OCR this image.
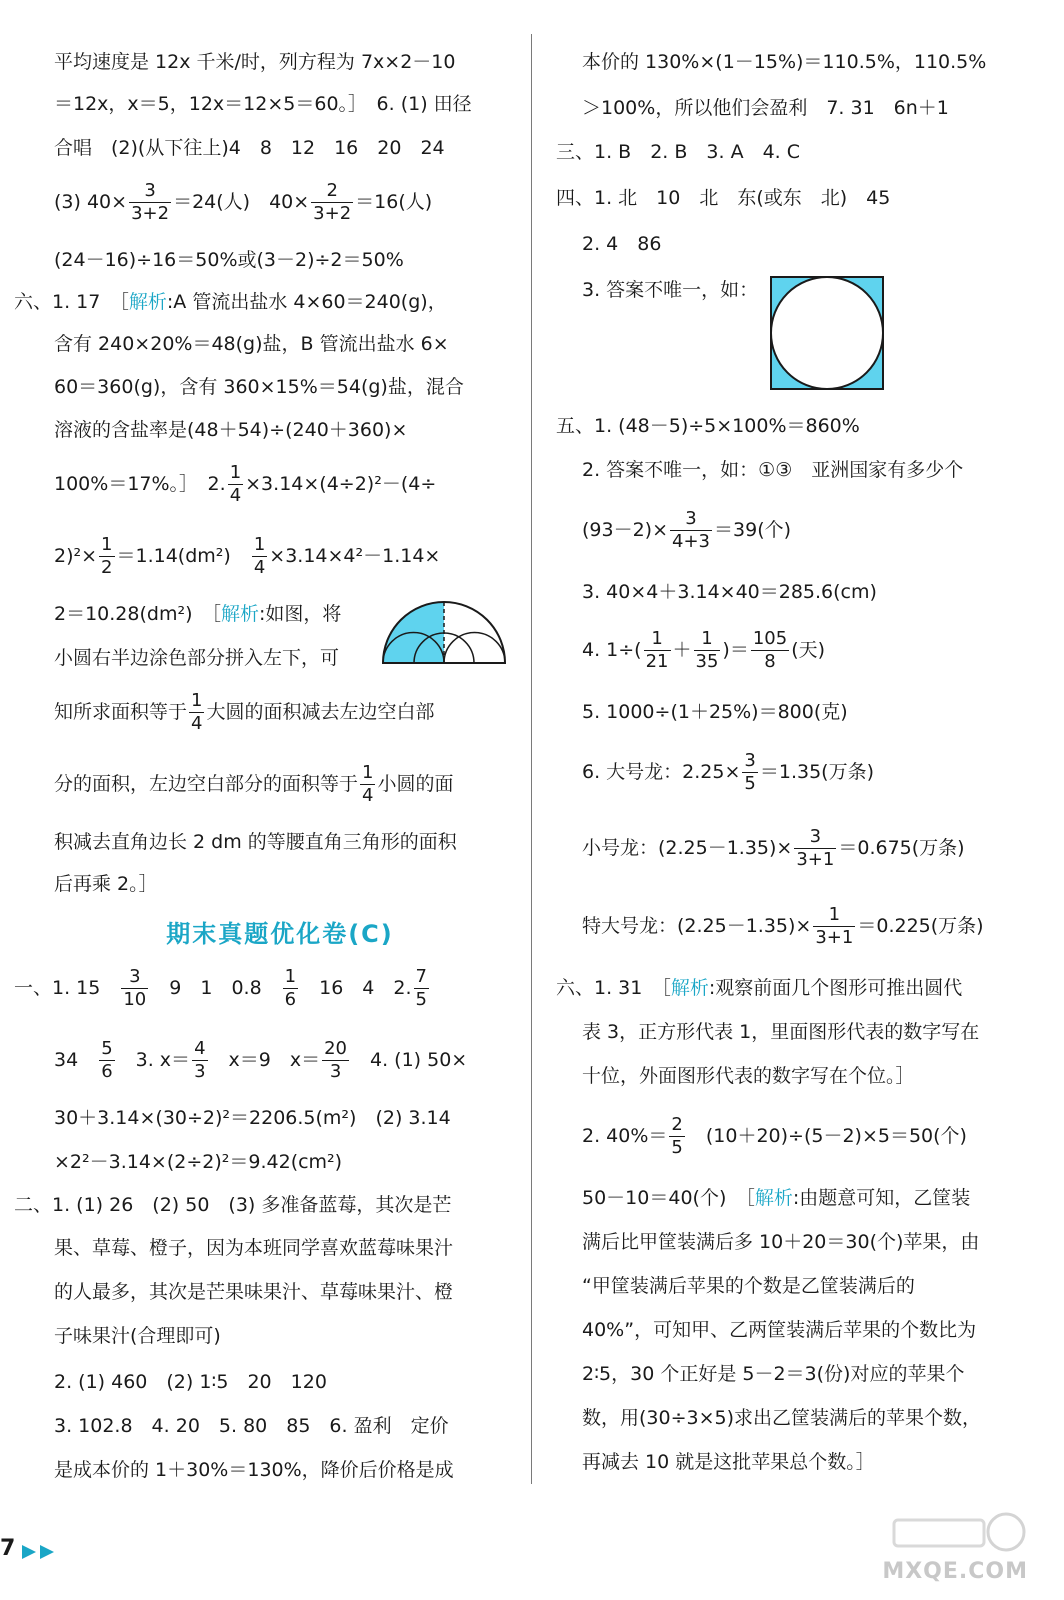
平均速度是 12x 千米/时，列方程为 7x×2－10
＝12x，x＝5，12x＝12×5＝60。］　6. (1) 田径
合唱　(2)(从下往上)4　8　12　16　20　24
(3) $40\times \frac{3}{3+2} =24$(人)　$40\times \frac{2}{3+2} =16$(人)
(24－16)÷16＝50%或(3－2)÷2＝50%
六、1. 17　［解析:A 管流出盐水 4×60＝240(g)，
含有 240×20%＝48(g)盐，B 管流出盐水 6×
60＝360(g)，含有 360×15%＝54(g)盐，混合
溶液的含盐率是(48＋54)÷(240＋360)×
100%＝17%。］　2. $\frac{1}{4} \times 3.14\times(4\div 2)^2-(4\div$
$2)^2\times \frac{1}{2} =1.14(dm^2)$　 $\frac{1}{4} \times 3.14\times 4^2-1.14\times$
2＝10.28(dm²)　［解析:如图，将
小圆右半边涂色部分拼入左下，可
知所求面积等于 $\frac{1}{4}$ 大圆的面积减去左边空白部
分的面积，左边空白部分的面积等于 $\frac{1}{4}$ 小圆的面
积减去直角边长 2 dm 的等腰直角三角形的面积
后再乘 2。］
期末真题优化卷(C)
一、1. 15　 $\frac{3}{10}$ 　9　1　0.8　 $\frac{1}{6}$ 　16　4　2. $\frac{7}{5}$
34　 $\frac{5}{6}$ 　3. $x= \frac{4}{3}$ 　x＝9　$x= \frac{20}{3}$ 　4. (1) 50×
30＋3.14×(30÷2)²＝2206.5(m²)　(2) 3.14
×2²－3.14×(2÷2)²＝9.42(cm²)
二、1. (1) 26　(2) 50　(3) 多准备蓝莓，其次是芒
果、草莓、橙子，因为本班同学喜欢蓝莓味果汁
的人最多，其次是芒果味果汁、草莓味果汁、橙
子味果汁(合理即可)
2. (1) 460　(2) 1∶5　20　120
3. 102.8　4. 20　5. 80　85　6. 盈利　定价
是成本价的 1＋30%＝130%，降价后价格是成
本价的 130%×(1－15%)＝110.5%，110.5%
＞100%，所以他们会盈利　7. 31　6n＋1
三、1. B　2. B　3. A　4. C
四、1. 北　10　北　东(或东　北)　45
2. 4　86
3. 答案不唯一，如：
五、1. (48－5)÷5×100%＝860%
2. 答案不唯一，如：①③　亚洲国家有多少个
$(93-2)\times \frac{3}{4+3} =39$(个)
3. 40×4＋3.14×40＝285.6(cm)
4. $1\div( \frac{1}{21} + \frac{1}{35}$ )＝ $\frac{105}{8}$ (天)
5. 1000÷(1＋25%)＝800(克)
6. 大号龙：$2.25\times \frac{3}{5} =1.35$(万条)
小号龙：$(2.25-1.35)\times \frac{3}{3+1} =0.675$(万条)
特大号龙：$(2.25-1.35)\times \frac{1}{3+1} =0.225$(万条)
六、1. 31　［解析:观察前面几个图形可推出圆代
表 3，正方形代表 1，里面图形代表的数字写在
十位，外面图形代表的数字写在个位。］
2. $40\%= \frac{2}{5}$ 　(10＋20)÷(5－2)×5＝50(个)
50－10＝40(个)　［解析:由题意可知，乙筐装
满后比甲筐装满后多 10＋20＝30(个)苹果，由
“甲筐装满后苹果的个数是乙筐装满后的
40%”，可知甲、乙两筐装满后苹果的个数比为
2∶5，30 个正好是 5－2＝3(份)对应的苹果个
数，用(30÷3×5)求出乙筐装满后的苹果个数，
再减去 10 就是这批苹果总个数。］
7
MXQE.COM
